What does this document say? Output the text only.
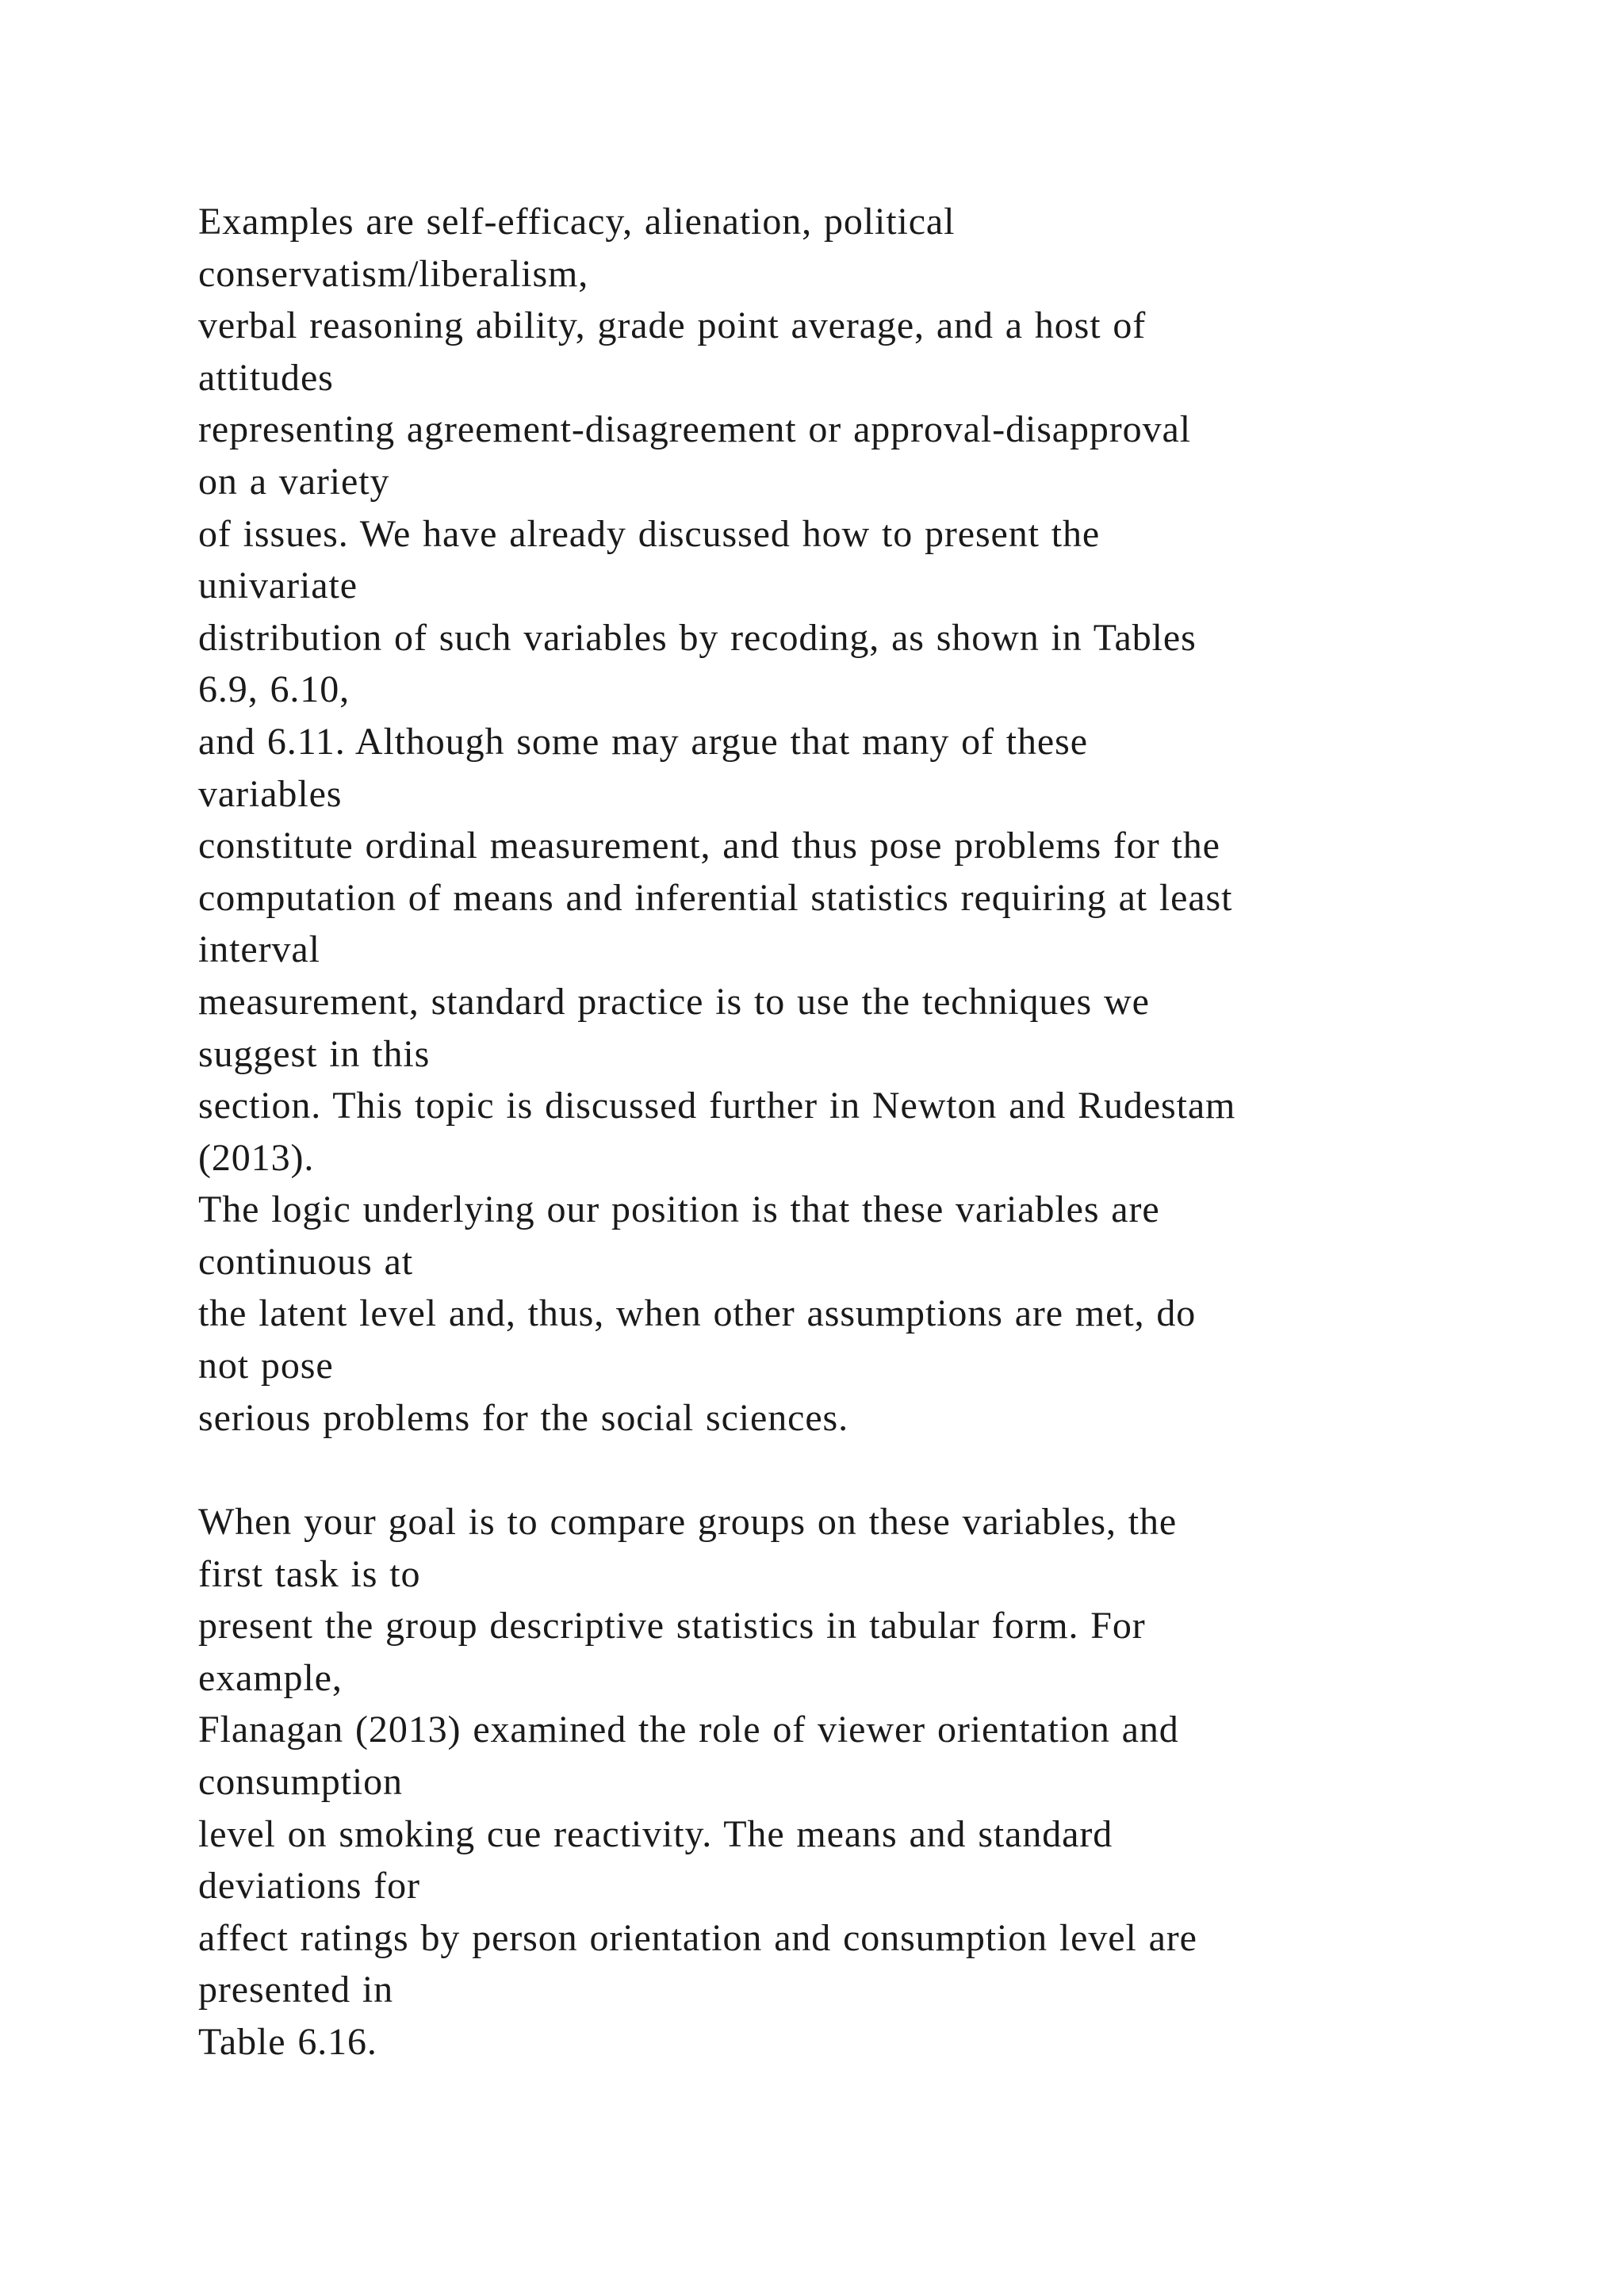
Examples are self-efficacy, alienation, political
conservatism/liberalism,
verbal reasoning ability, grade point average, and a host of
attitudes
representing agreement-disagreement or approval-disapproval
on a variety
of issues. We have already discussed how to present the
univariate
distribution of such variables by recoding, as shown in Tables
6.9, 6.10,
and 6.11. Although some may argue that many of these
variables
constitute ordinal measurement, and thus pose problems for the
computation of means and inferential statistics requiring at least
interval
measurement, standard practice is to use the techniques we
suggest in this
section. This topic is discussed further in Newton and Rudestam
(2013).
The logic underlying our position is that these variables are
continuous at
the latent level and, thus, when other assumptions are met, do
not pose
serious problems for the social sciences.
When your goal is to compare groups on these variables, the
first task is to
present the group descriptive statistics in tabular form. For
example,
Flanagan (2013) examined the role of viewer orientation and
consumption
level on smoking cue reactivity. The means and standard
deviations for
affect ratings by person orientation and consumption level are
presented in
Table 6.16.
